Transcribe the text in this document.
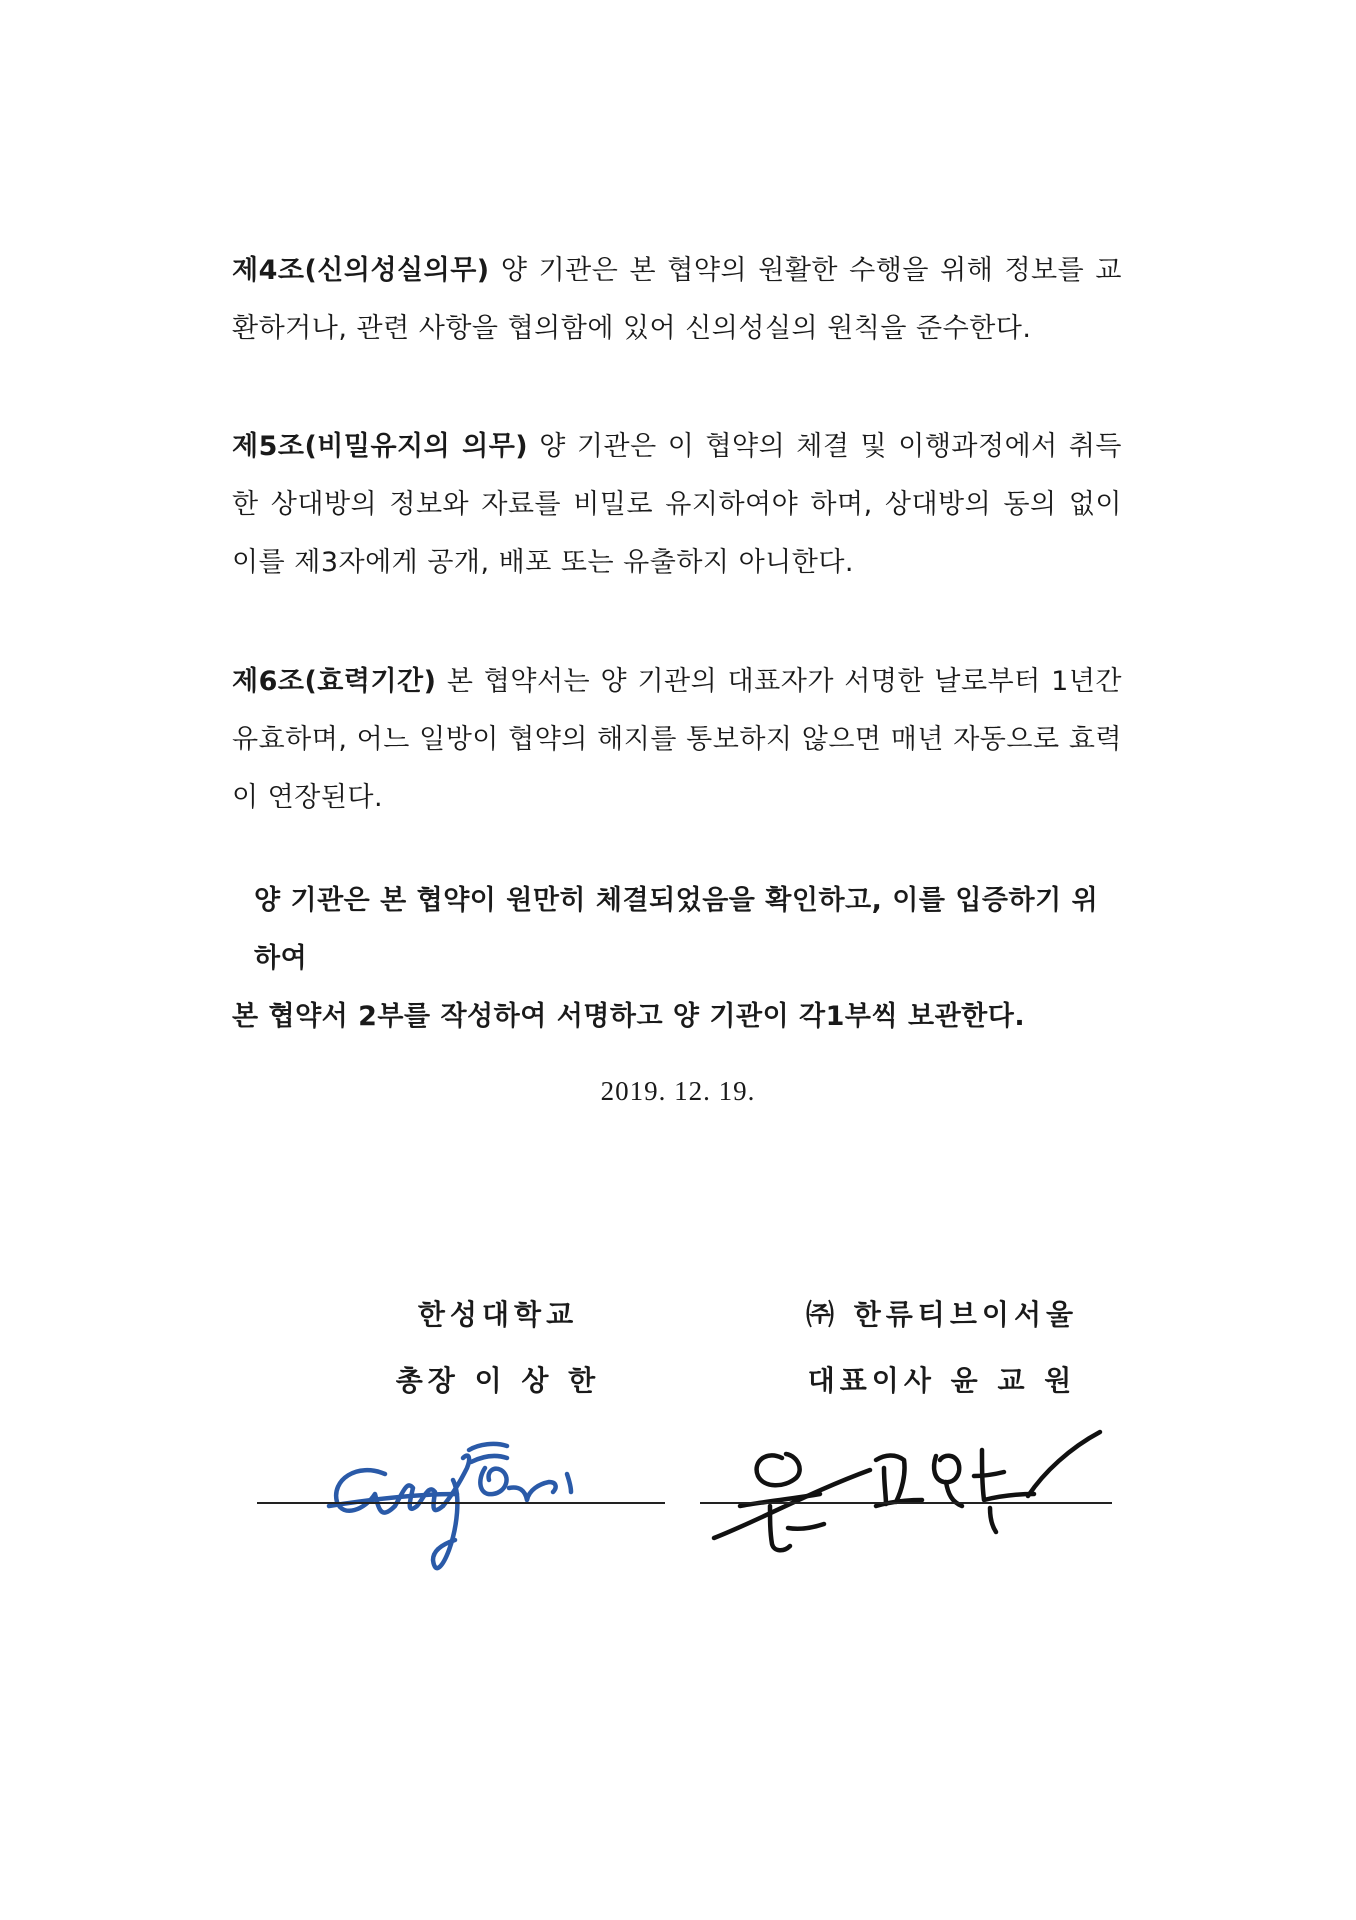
제4조(신의성실의무) 양 기관은 본 협약의 원활한 수행을 위해 정보를 교환하거나, 관련 사항을 협의함에 있어 신의성실의 원칙을 준수한다.
제5조(비밀유지의 의무) 양 기관은 이 협약의 체결 및 이행과정에서 취득한 상대방의 정보와 자료를 비밀로 유지하여야 하며, 상대방의 동의 없이 이를 제3자에게 공개, 배포 또는 유출하지 아니한다.
제6조(효력기간) 본 협약서는 양 기관의 대표자가 서명한 날로부터 1년간 유효하며, 어느 일방이 협약의 해지를 통보하지 않으면 매년 자동으로 효력이 연장된다.
양 기관은 본 협약이 원만히 체결되었음을 확인하고, 이를 입증하기 위하여
본 협약서 2부를 작성하여 서명하고 양 기관이 각1부씩 보관한다.
2019. 12. 19.
한성대학교
총장 이 상 한
㈜ 한류티브이서울
대표이사 윤 교 원
